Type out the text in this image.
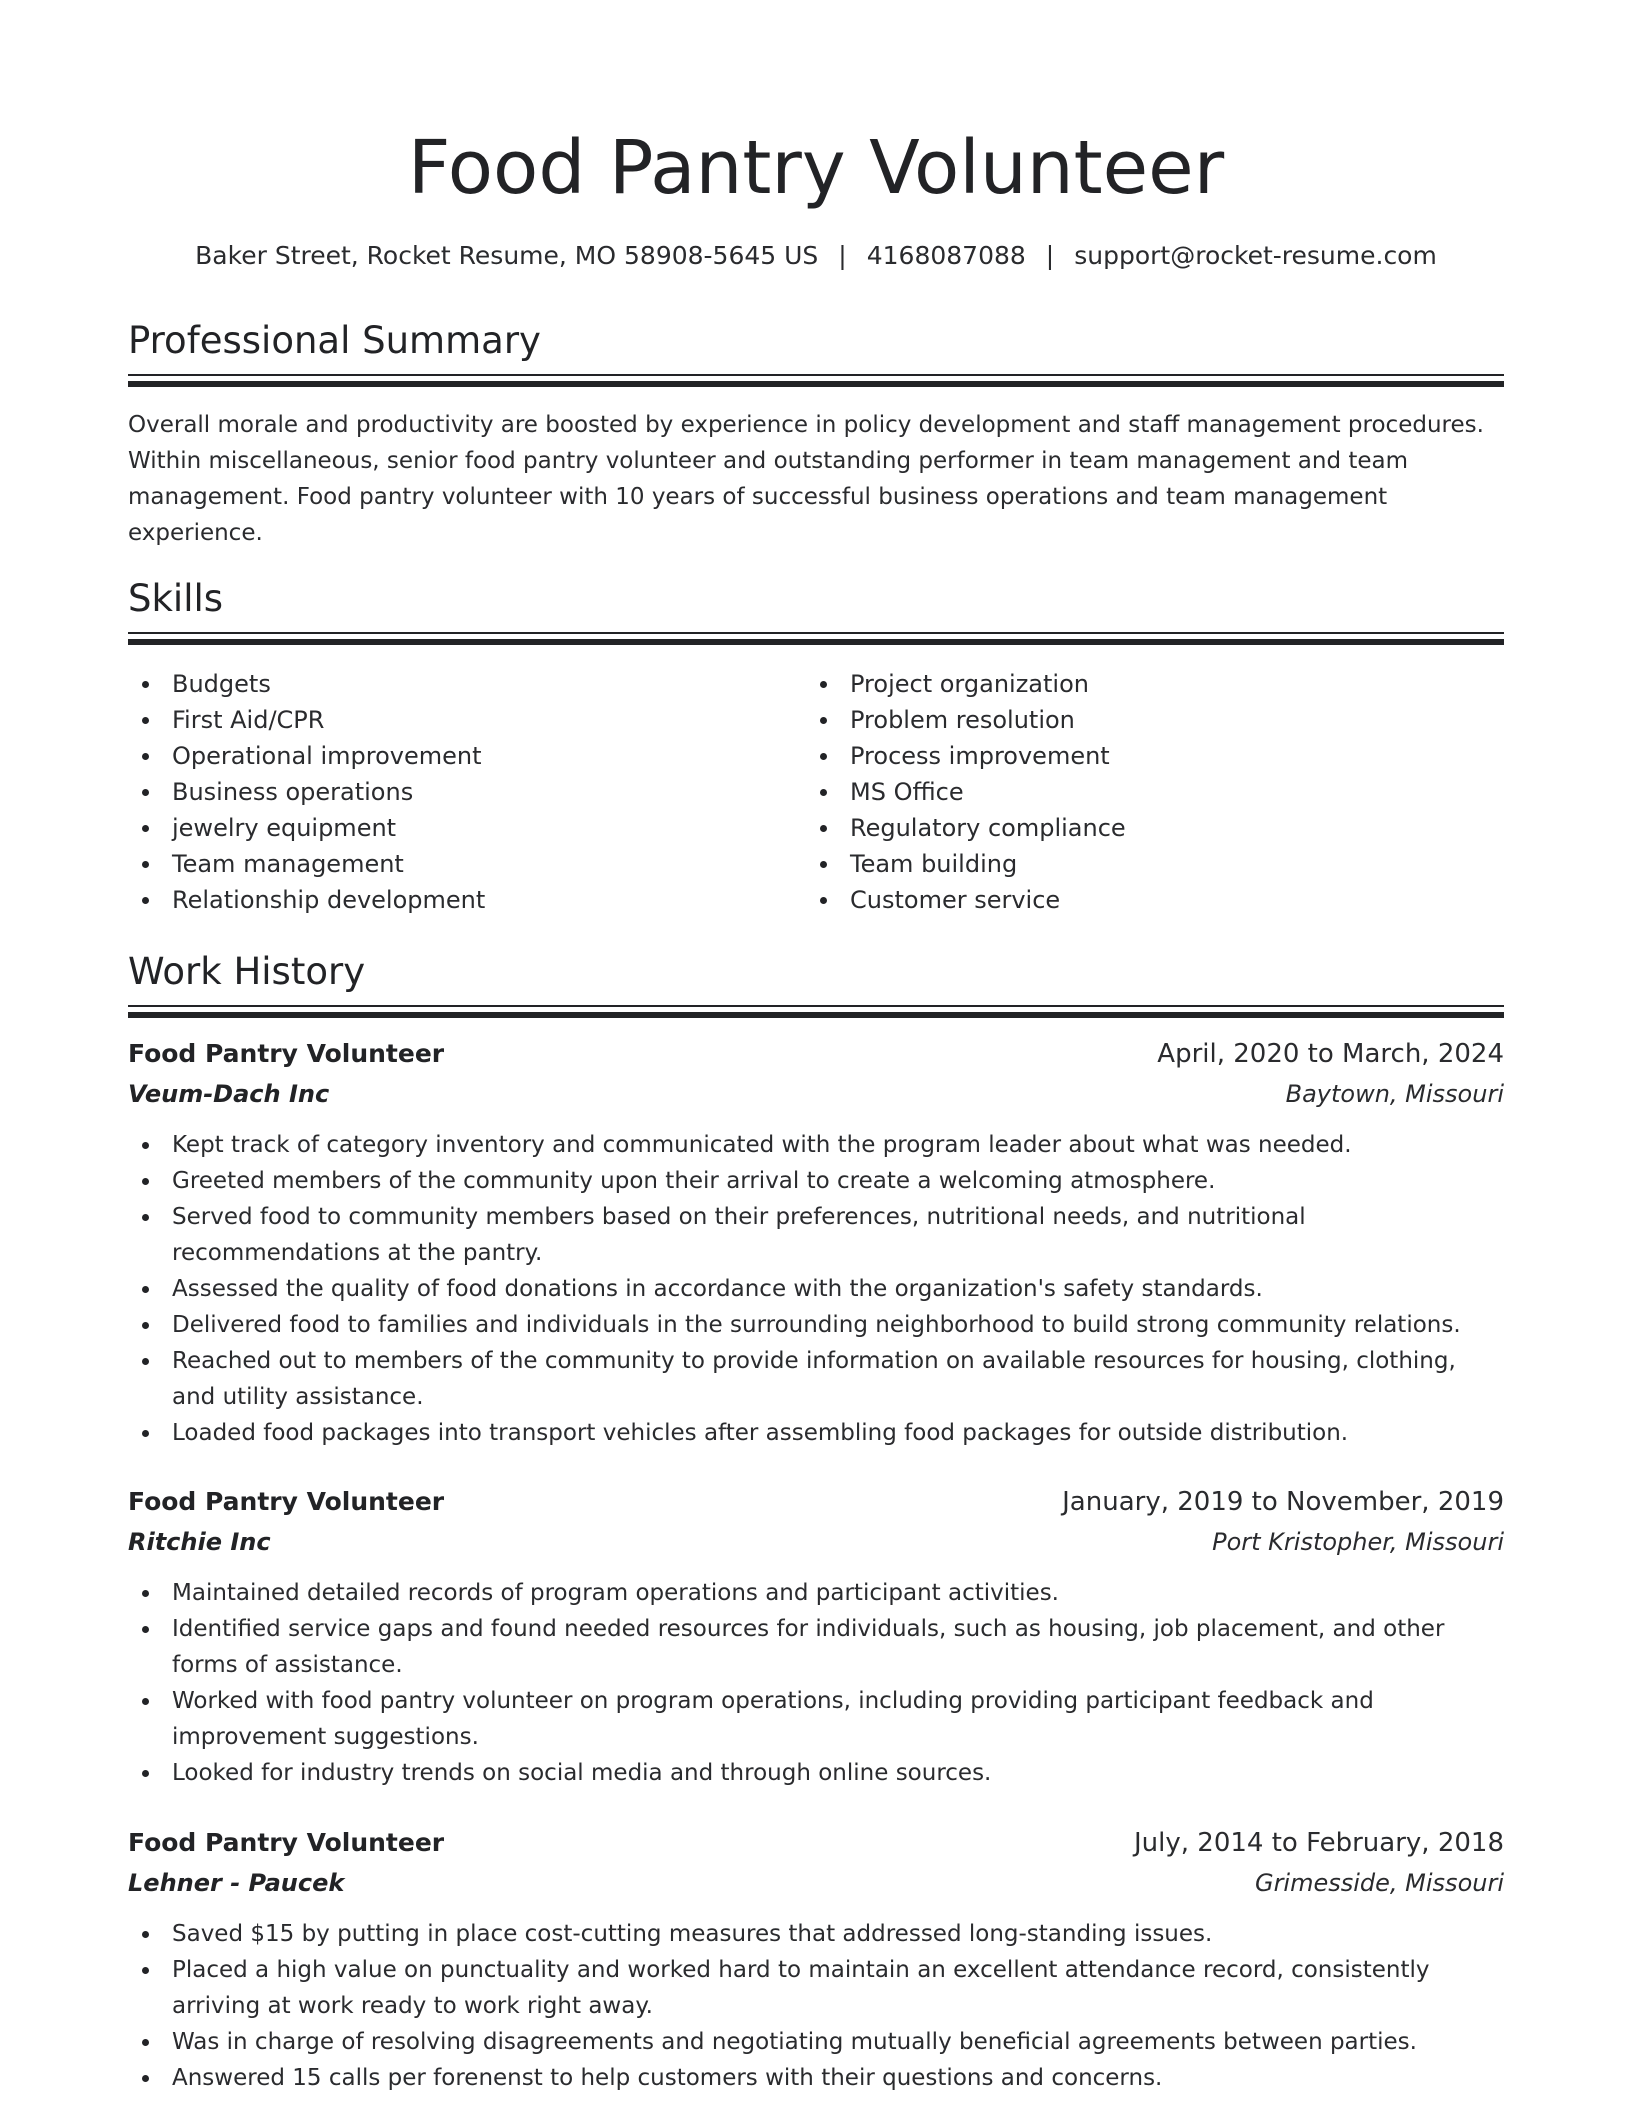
Food Pantry Volunteer
Baker Street, Rocket Resume, MO 58908-5645 US | 4168087088 | support@rocket-resume.com
Professional Summary

Overall morale and productivity are boosted by experience in policy development and staff management procedures. Within miscellaneous, senior food pantry volunteer and outstanding performer in team management and team management. Food pantry volunteer with 10 years of successful business operations and team management experience.

Skills
Budgets
First Aid/CPR
Operational improvement
Business operations
jewelry equipment
Team management
Relationship development
Project organization
Problem resolution
Process improvement
MS Office
Regulatory compliance
Team building
Customer service
Work History
Food Pantry Volunteer	April, 2020 to March, 2024
Veum-Dach Inc	Baytown, Missouri
Kept track of category inventory and communicated with the program leader about what was needed.
Greeted members of the community upon their arrival to create a welcoming atmosphere.
Served food to community members based on their preferences, nutritional needs, and nutritional recommendations at the pantry.
Assessed the quality of food donations in accordance with the organization's safety standards.
Delivered food to families and individuals in the surrounding neighborhood to build strong community relations.
Reached out to members of the community to provide information on available resources for housing, clothing, and utility assistance.
Loaded food packages into transport vehicles after assembling food packages for outside distribution.
Food Pantry Volunteer	January, 2019 to November, 2019
Ritchie Inc	Port Kristopher, Missouri
Maintained detailed records of program operations and participant activities.
Identified service gaps and found needed resources for individuals, such as housing, job placement, and other forms of assistance.
Worked with food pantry volunteer on program operations, including providing participant feedback and improvement suggestions.
Looked for industry trends on social media and through online sources.
Food Pantry Volunteer	July, 2014 to February, 2018
Lehner - Paucek	Grimesside, Missouri
Saved $15 by putting in place cost-cutting measures that addressed long-standing issues.
Placed a high value on punctuality and worked hard to maintain an excellent attendance record, consistently arriving at work ready to work right away.
Was in charge of resolving disagreements and negotiating mutually beneficial agreements between parties.
Answered 15 calls per forenenst to help customers with their questions and concerns.
